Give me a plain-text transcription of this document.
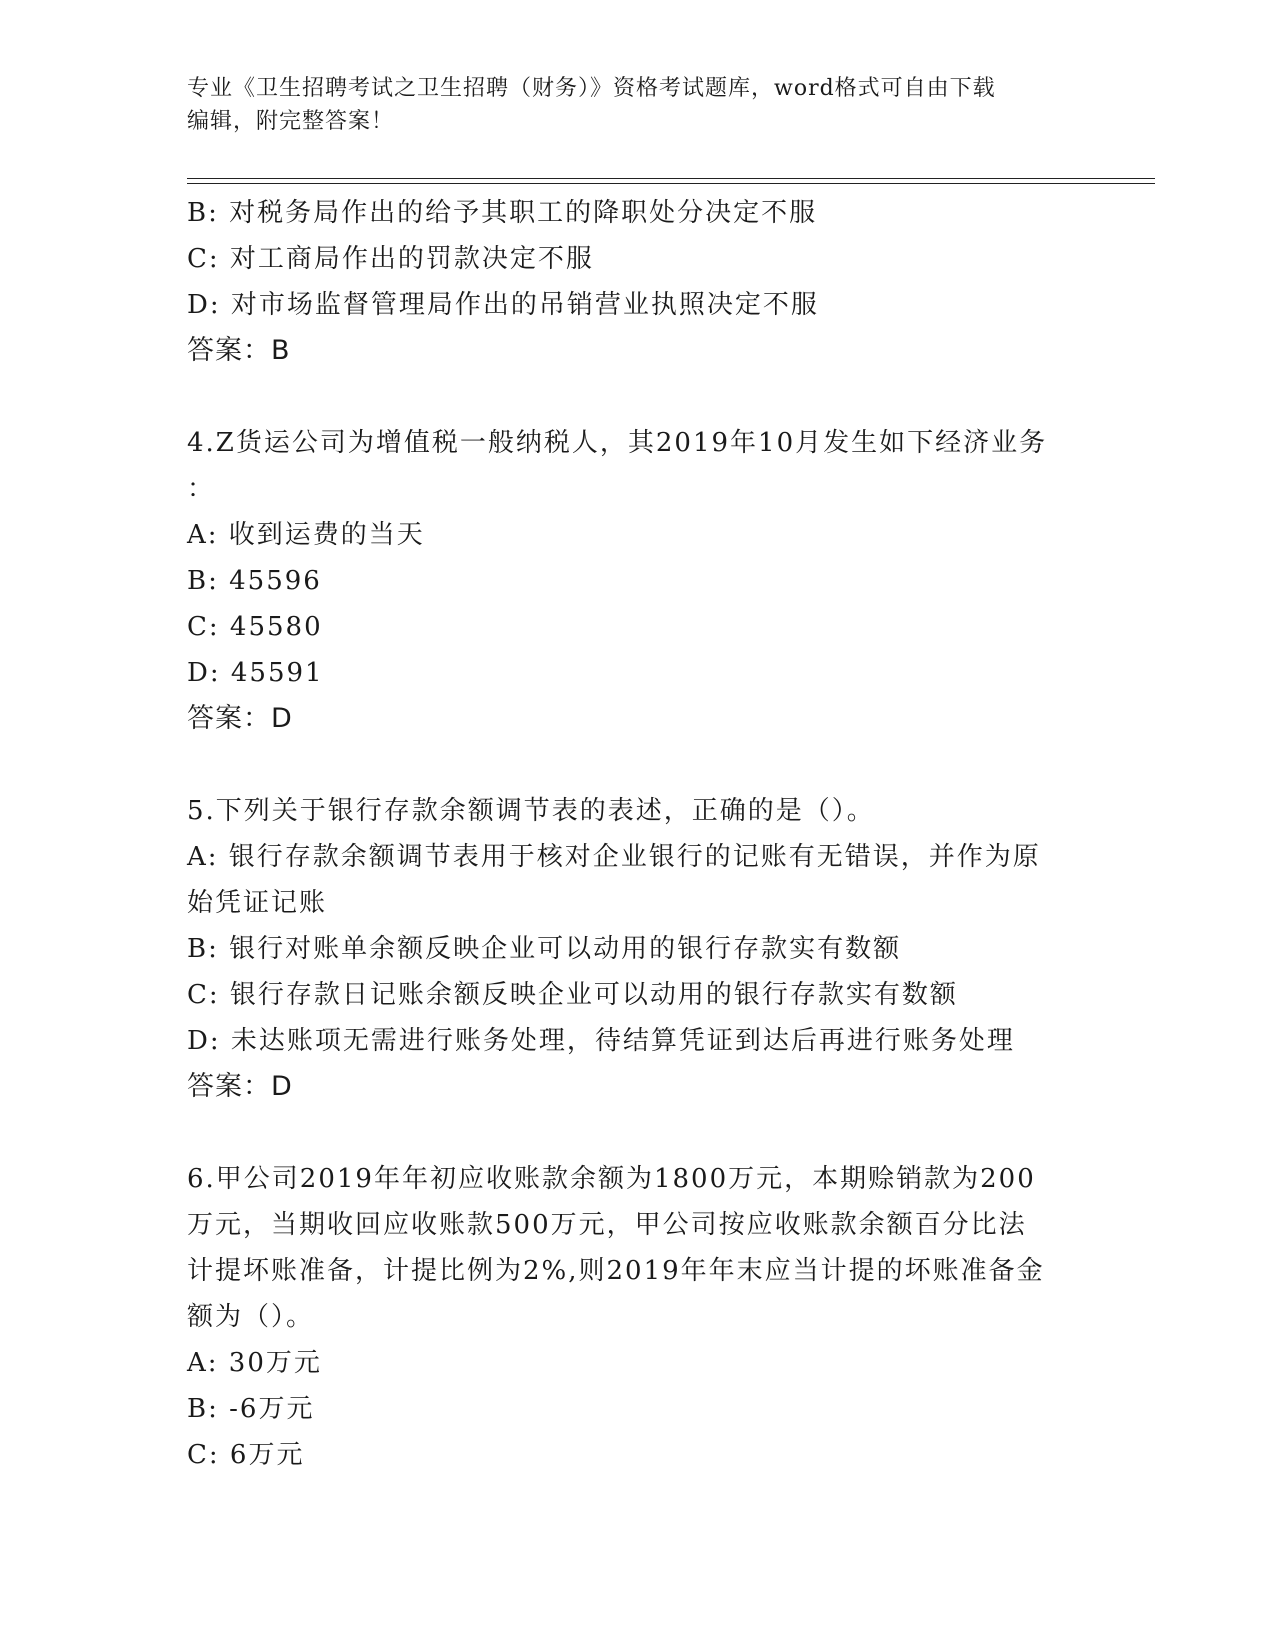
专业《卫生招聘考试之卫生招聘（财务）》资格考试题库，word格式可自由下载
编辑，附完整答案！
B: 对税务局作出的给予其职工的降职处分决定不服
C: 对工商局作出的罚款决定不服
D: 对市场监督管理局作出的吊销营业执照决定不服
答案：B
4.Z货运公司为增值税一般纳税人，其2019年10月发生如下经济业务
：
A: 收到运费的当天
B: 45596
C: 45580
D: 45591
答案：D
5.下列关于银行存款余额调节表的表述，正确的是（）。
A: 银行存款余额调节表用于核对企业银行的记账有无错误，并作为原
始凭证记账
B: 银行对账单余额反映企业可以动用的银行存款实有数额
C: 银行存款日记账余额反映企业可以动用的银行存款实有数额
D: 未达账项无需进行账务处理，待结算凭证到达后再进行账务处理
答案：D
6.甲公司2019年年初应收账款余额为1800万元，本期赊销款为200
万元，当期收回应收账款500万元，甲公司按应收账款余额百分比法
计提坏账准备，计提比例为2%,则2019年年末应当计提的坏账准备金
额为（）。
A: 30万元
B: -6万元
C: 6万元
